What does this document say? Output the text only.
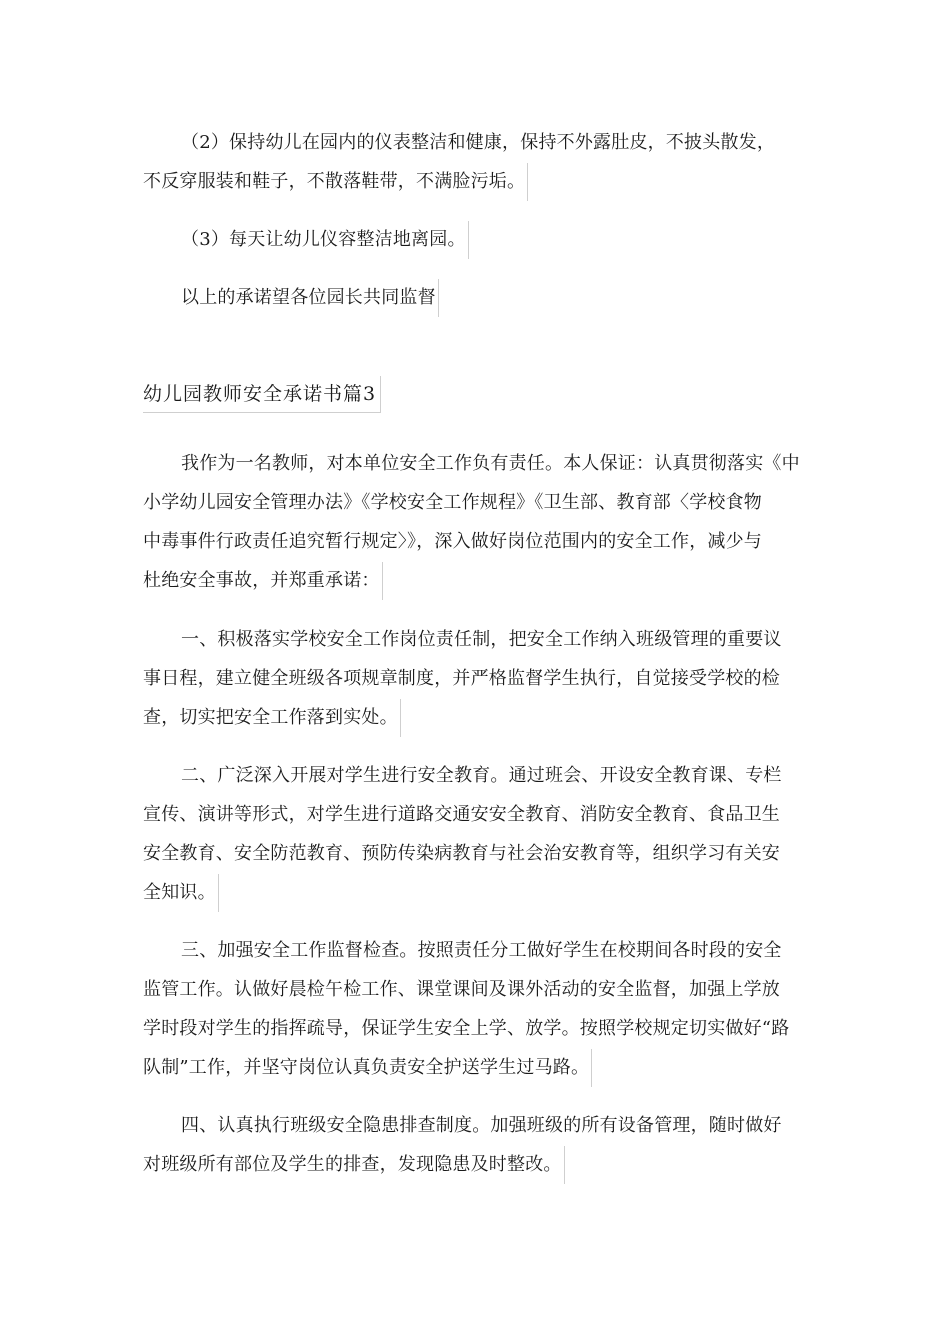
（2）保持幼儿在园内的仪表整洁和健康，保持不外露肚皮，不披头散发，
不反穿服装和鞋子，不散落鞋带，不满脸污垢。
（3）每天让幼儿仪容整洁地离园。
以上的承诺望各位园长共同监督
幼儿园教师安全承诺书篇3
我作为一名教师，对本单位安全工作负有责任。本人保证：认真贯彻落实《中
小学幼儿园安全管理办法》《学校安全工作规程》《卫生部、教育部〈学校食物
中毒事件行政责任追究暂行规定〉》，深入做好岗位范围内的安全工作，减少与
杜绝安全事故，并郑重承诺：
一、积极落实学校安全工作岗位责任制，把安全工作纳入班级管理的重要议
事日程，建立健全班级各项规章制度，并严格监督学生执行，自觉接受学校的检
查，切实把安全工作落到实处。
二、广泛深入开展对学生进行安全教育。通过班会、开设安全教育课、专栏
宣传、演讲等形式，对学生进行道路交通安安全教育、消防安全教育、食品卫生
安全教育、安全防范教育、预防传染病教育与社会治安教育等，组织学习有关安
全知识。
三、加强安全工作监督检查。按照责任分工做好学生在校期间各时段的安全
监管工作。认做好晨检午检工作、课堂课间及课外活动的安全监督，加强上学放
学时段对学生的指挥疏导，保证学生安全上学、放学。按照学校规定切实做好“路
队制”工作，并坚守岗位认真负责安全护送学生过马路。
四、认真执行班级安全隐患排查制度。加强班级的所有设备管理，随时做好
对班级所有部位及学生的排查，发现隐患及时整改。
